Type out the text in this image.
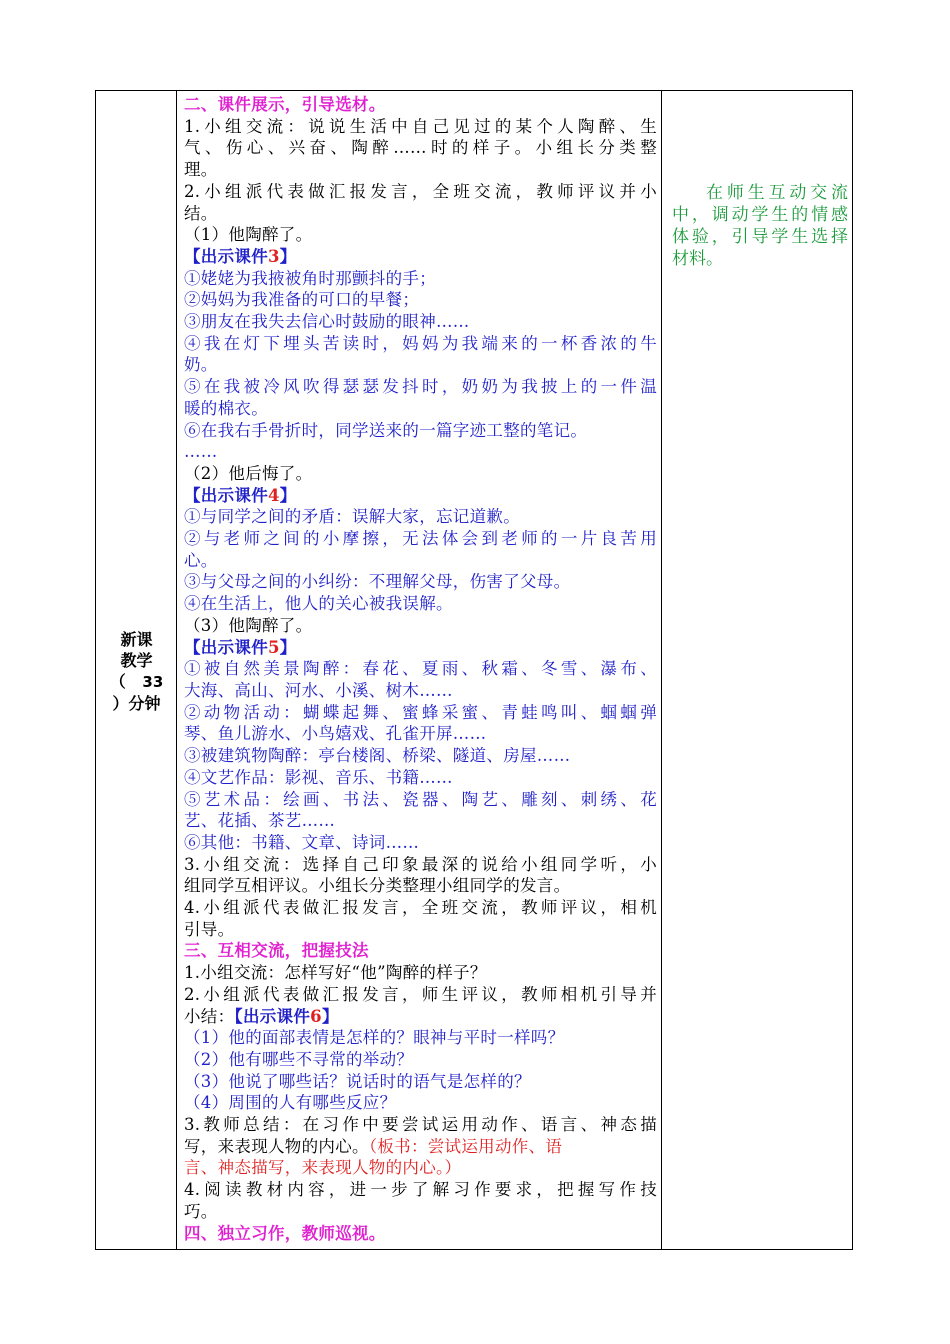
新课
教学
（ 33
）分钟
二、课件展示，引导选材。
1.小组交流：说说生活中自己见过的某个人陶醉、生
气、伤心、兴奋、陶醉……时的样子。小组长分类整
理。
2.小组派代表做汇报发言，全班交流，教师评议并小
结。
（1）他陶醉了。
【出示课件3】
①姥姥为我掖被角时那颤抖的手；
②妈妈为我准备的可口的早餐；
③朋友在我失去信心时鼓励的眼神……
④我在灯下埋头苦读时，妈妈为我端来的一杯香浓的牛
奶。
⑤在我被冷风吹得瑟瑟发抖时，奶奶为我披上的一件温
暖的棉衣。
⑥在我右手骨折时，同学送来的一篇字迹工整的笔记。
……
（2）他后悔了。
【出示课件4】
①与同学之间的矛盾：误解大家，忘记道歉。
②与老师之间的小摩擦，无法体会到老师的一片良苦用
心。
③与父母之间的小纠纷：不理解父母，伤害了父母。
④在生活上，他人的关心被我误解。
（3）他陶醉了。
【出示课件5】
①被自然美景陶醉：春花、夏雨、秋霜、冬雪、瀑布、
大海、高山、河水、小溪、树木……
②动物活动：蝴蝶起舞、蜜蜂采蜜、青蛙鸣叫、蝈蝈弹
琴、鱼儿游水、小鸟嬉戏、孔雀开屏……
③被建筑物陶醉：亭台楼阁、桥梁、隧道、房屋……
④文艺作品：影视、音乐、书籍……
⑤艺术品：绘画、书法、瓷器、陶艺、雕刻、刺绣、花
艺、花插、茶艺……
⑥其他：书籍、文章、诗词……
3.小组交流：选择自己印象最深的说给小组同学听，小
组同学互相评议。小组长分类整理小组同学的发言。
4.小组派代表做汇报发言，全班交流，教师评议，相机
引导。
三、互相交流，把握技法
1.小组交流：怎样写好“他”陶醉的样子？
2.小组派代表做汇报发言，师生评议，教师相机引导并
小结：【出示课件6】
（1）他的面部表情是怎样的？眼神与平时一样吗？
（2）他有哪些不寻常的举动？
（3）他说了哪些话？说话时的语气是怎样的？
（4）周围的人有哪些反应？
3.教师总结：在习作中要尝试运用动作、语言、神态描
写，来表现人物的内心。（板书：尝试运用动作、语
言、神态描写，来表现人物的内心。）
4.阅读教材内容，进一步了解习作要求，把握写作技
巧。
四、独立习作，教师巡视。
在师生互动交流
中，调动学生的情感
体验，引导学生选择
材料。
